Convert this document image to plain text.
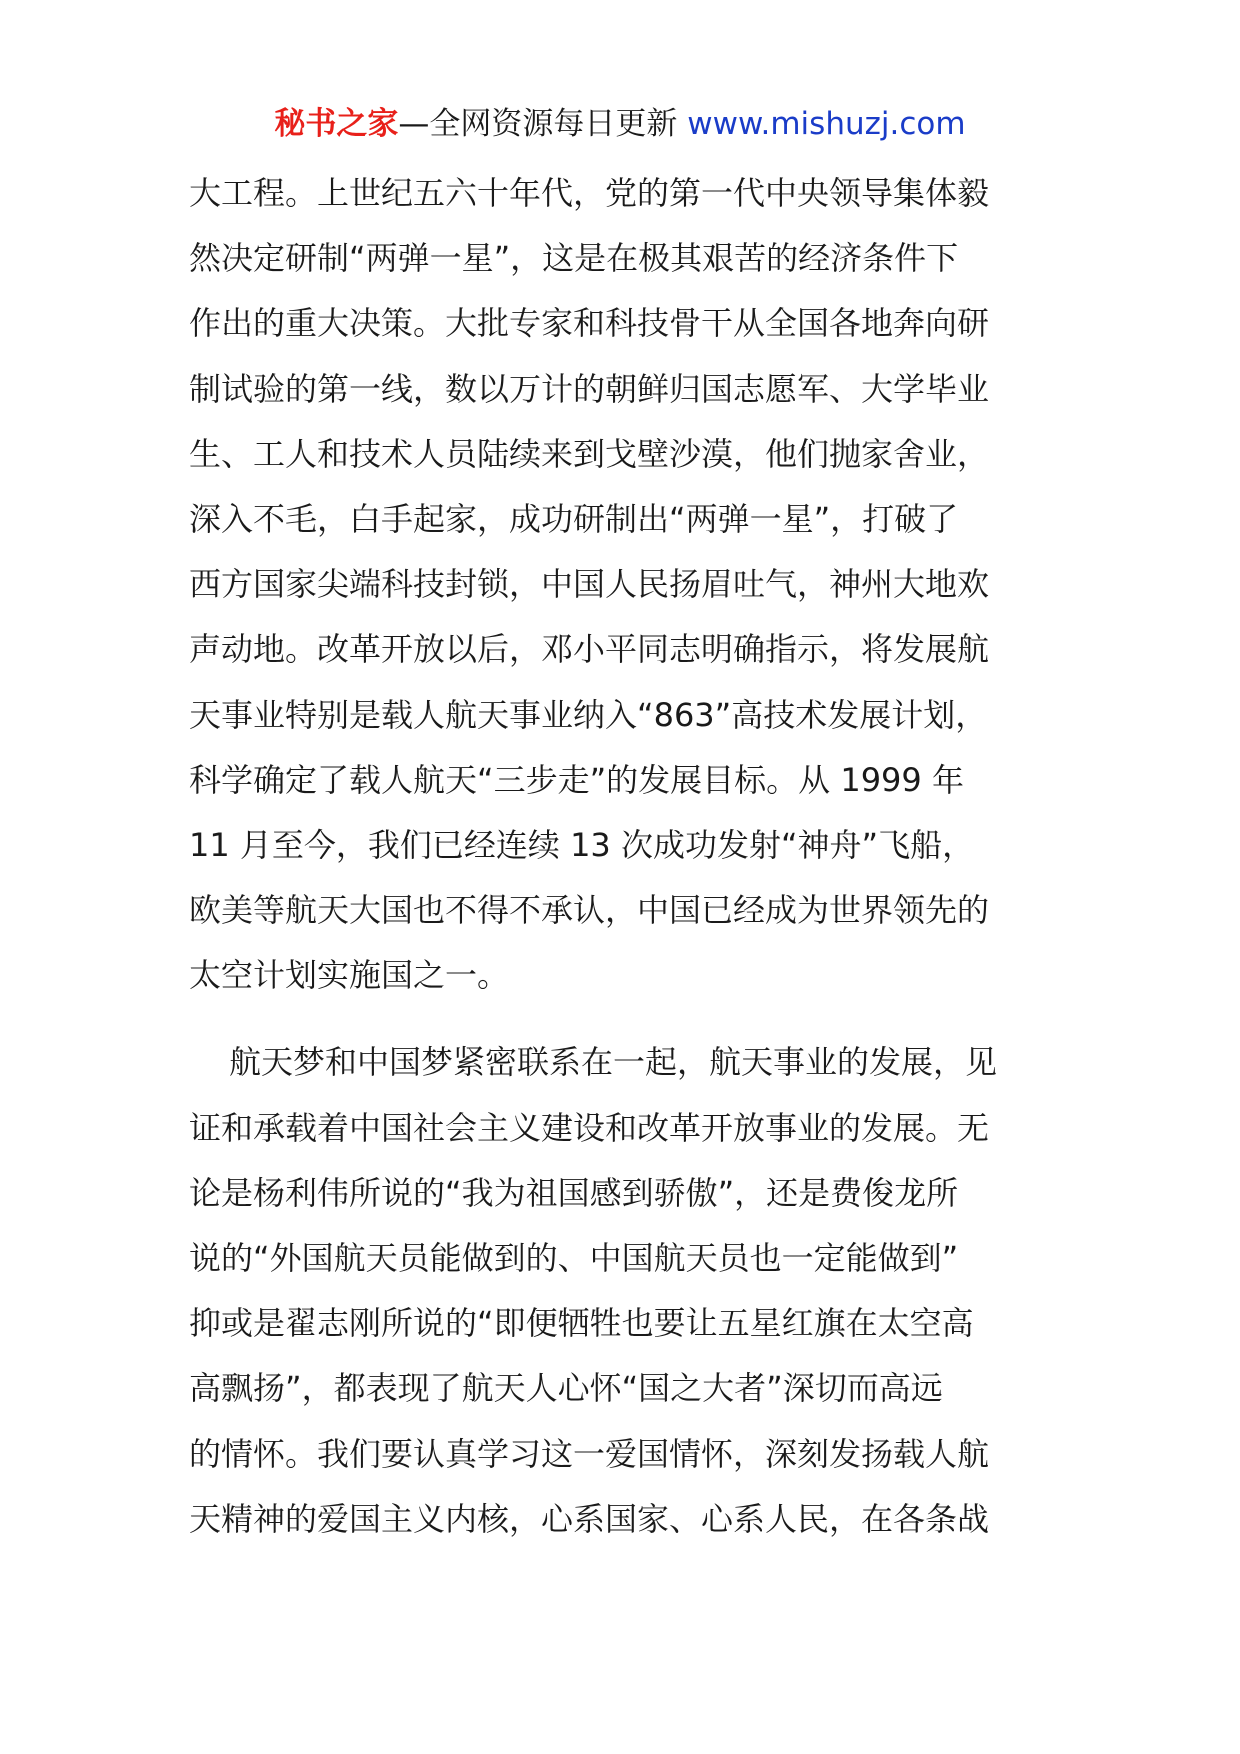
秘书之家—全网资源每日更新 www.mishuzj.com
大工程。上世纪五六十年代，党的第一代中央领导集体毅
然决定研制“两弹一星”，这是在极其艰苦的经济条件下
作出的重大决策。大批专家和科技骨干从全国各地奔向研
制试验的第一线，数以万计的朝鲜归国志愿军、大学毕业
生、工人和技术人员陆续来到戈壁沙漠，他们抛家舍业，
深入不毛，白手起家，成功研制出“两弹一星”，打破了
西方国家尖端科技封锁，中国人民扬眉吐气，神州大地欢
声动地。改革开放以后，邓小平同志明确指示，将发展航
天事业特别是载人航天事业纳入“863”高技术发展计划，
科学确定了载人航天“三步走”的发展目标。从 1999 年
11 月至今，我们已经连续 13 次成功发射“神舟”飞船，
欧美等航天大国也不得不承认，中国已经成为世界领先的
太空计划实施国之一。
航天梦和中国梦紧密联系在一起，航天事业的发展，见
证和承载着中国社会主义建设和改革开放事业的发展。无
论是杨利伟所说的“我为祖国感到骄傲”，还是费俊龙所
说的“外国航天员能做到的、中国航天员也一定能做到”
抑或是翟志刚所说的“即便牺牲也要让五星红旗在太空高
高飘扬”，都表现了航天人心怀“国之大者”深切而高远
的情怀。我们要认真学习这一爱国情怀，深刻发扬载人航
天精神的爱国主义内核，心系国家、心系人民，在各条战
